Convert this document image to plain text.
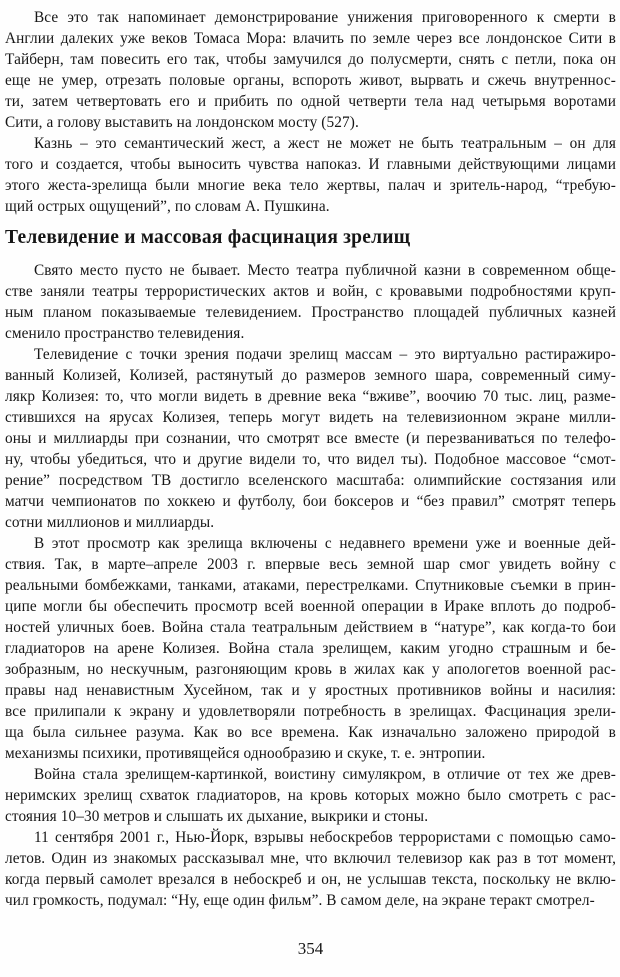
Все это так напоминает демонстрирование унижения приговоренного к смерти в
Англии далеких уже веков Томаса Мора: влачить по земле через все лондонское Сити в
Тайберн, там повесить его так, чтобы замучился до полусмерти, снять с петли, пока он
еще не умер, отрезать половые органы, вспороть живот, вырвать и сжечь внутреннос-
ти, затем четвертовать его и прибить по одной четверти тела над четырьмя воротами
Сити, а голову выставить на лондонском мосту (527).
Казнь – это семантический жест, а жест не может не быть театральным – он для
того и создается, чтобы выносить чувства напоказ. И главными действующими лицами
этого жеста-зрелища были многие века тело жертвы, палач и зритель-народ, “требую-
щий острых ощущений”, по словам А. Пушкина.
Телевидение и массовая фасцинация зрелищ
Свято место пусто не бывает. Место театра публичной казни в современном обще-
стве заняли театры террористических актов и войн, с кровавыми подробностями круп-
ным планом показываемые телевидением. Пространство площадей публичных казней
сменило пространство телевидения.
Телевидение с точки зрения подачи зрелищ массам – это виртуально растиражиро-
ванный Колизей, Колизей, растянутый до размеров земного шара, современный симу-
лякр Колизея: то, что могли видеть в древние века “вживе”, воочию 70 тыс. лиц, разме-
стившихся на ярусах Колизея, теперь могут видеть на телевизионном экране милли-
оны и миллиарды при сознании, что смотрят все вместе (и перезваниваться по телефо-
ну, чтобы убедиться, что и другие видели то, что видел ты). Подобное массовое “смот-
рение” посредством ТВ достигло вселенского масштаба: олимпийские состязания или
матчи чемпионатов по хоккею и футболу, бои боксеров и “без правил” смотрят теперь
сотни миллионов и миллиарды.
В этот просмотр как зрелища включены с недавнего времени уже и военные дей-
ствия. Так, в марте–апреле 2003 г. впервые весь земной шар смог увидеть войну с
реальными бомбежками, танками, атаками, перестрелками. Спутниковые съемки в прин-
ципе могли бы обеспечить просмотр всей военной операции в Ираке вплоть до подроб-
ностей уличных боев. Война стала театральным действием в “натуре”, как когда-то бои
гладиаторов на арене Колизея. Война стала зрелищем, каким угодно страшным и бе-
зобразным, но нескучным, разгоняющим кровь в жилах как у апологетов военной рас-
правы над ненавистным Хусейном, так и у яростных противников войны и насилия:
все прилипали к экрану и удовлетворяли потребность в зрелищах. Фасцинация зрели-
ща была сильнее разума. Как во все времена. Как изначально заложено природой в
механизмы психики, противящейся однообразию и скуке, т. е. энтропии.
Война стала зрелищем-картинкой, воистину симулякром, в отличие от тех же древ-
неримских зрелищ схваток гладиаторов, на кровь которых можно было смотреть с рас-
стояния 10–30 метров и слышать их дыхание, выкрики и стоны.
11 сентября 2001 г., Нью-Йорк, взрывы небоскребов террористами с помощью само-
летов. Один из знакомых рассказывал мне, что включил телевизор как раз в тот момент,
когда первый самолет врезался в небоскреб и он, не услышав текста, поскольку не вклю-
чил громкость, подумал: “Ну, еще один фильм”. В самом деле, на экране теракт смотрел-
354
